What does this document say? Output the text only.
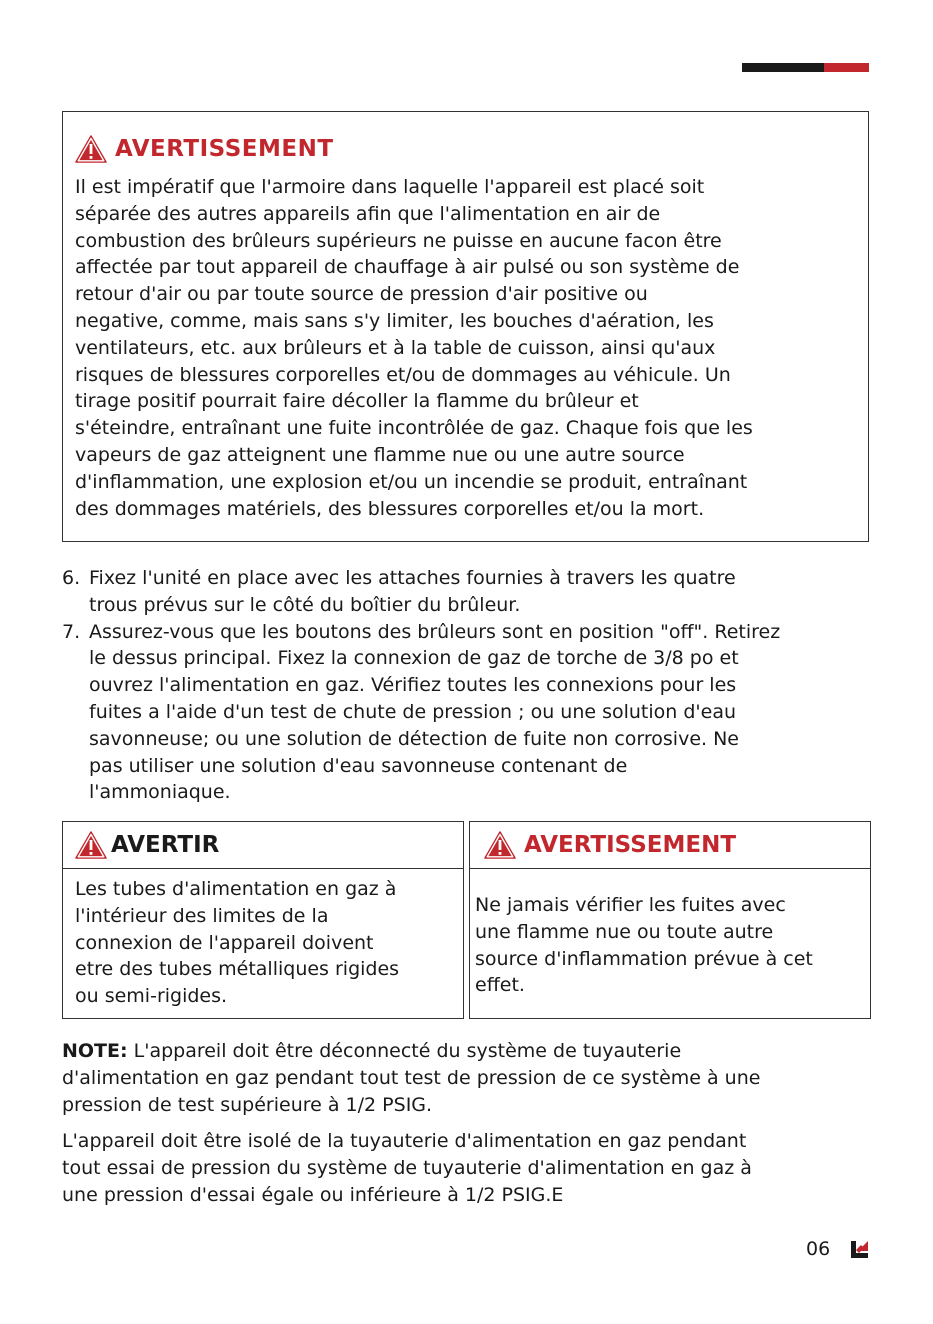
AVERTISSEMENT
Il est impératif que l'armoire dans laquelle l'appareil est placé soit
séparée des autres appareils afin que l'alimentation en air de
combustion des brûleurs supérieurs ne puisse en aucune facon être
affectée par tout appareil de chauffage à air pulsé ou son système de
retour d'air ou par toute source de pression d'air positive ou
negative, comme, mais sans s'y limiter, les bouches d'aération, les
ventilateurs, etc. aux brûleurs et à la table de cuisson, ainsi qu'aux
risques de blessures corporelles et/ou de dommages au véhicule. Un
tirage positif pourrait faire décoller la flamme du brûleur et
s'éteindre, entraînant une fuite incontrôlée de gaz. Chaque fois que les
vapeurs de gaz atteignent une flamme nue ou une autre source
d'inflammation, une explosion et/ou un incendie se produit, entraînant
des dommages matériels, des blessures corporelles et/ou la mort.
6. Fixez l'unité en place avec les attaches fournies à travers les quatre
trous prévus sur le côté du boîtier du brûleur.
7. Assurez-vous que les boutons des brûleurs sont en position "off". Retirez
le dessus principal. Fixez la connexion de gaz de torche de 3/8 po et
ouvrez l'alimentation en gaz. Vérifiez toutes les connexions pour les
fuites a l'aide d'un test de chute de pression ; ou une solution d'eau
savonneuse; ou une solution de détection de fuite non corrosive. Ne
pas utiliser une solution d'eau savonneuse contenant de
l'ammoniaque.
AVERTIR
Les tubes d'alimentation en gaz à
l'intérieur des limites de la
connexion de l'appareil doivent
etre des tubes métalliques rigides
ou semi-rigides.
AVERTISSEMENT
Ne jamais vérifier les fuites avec
une flamme nue ou toute autre
source d'inflammation prévue à cet
effet.
NOTE: L'appareil doit être déconnecté du système de tuyauterie
d'alimentation en gaz pendant tout test de pression de ce système à une
pression de test supérieure à 1/2 PSIG.
L'appareil doit être isolé de la tuyauterie d'alimentation en gaz pendant
tout essai de pression du système de tuyauterie d'alimentation en gaz à
une pression d'essai égale ou inférieure à 1/2 PSIG.E
06
